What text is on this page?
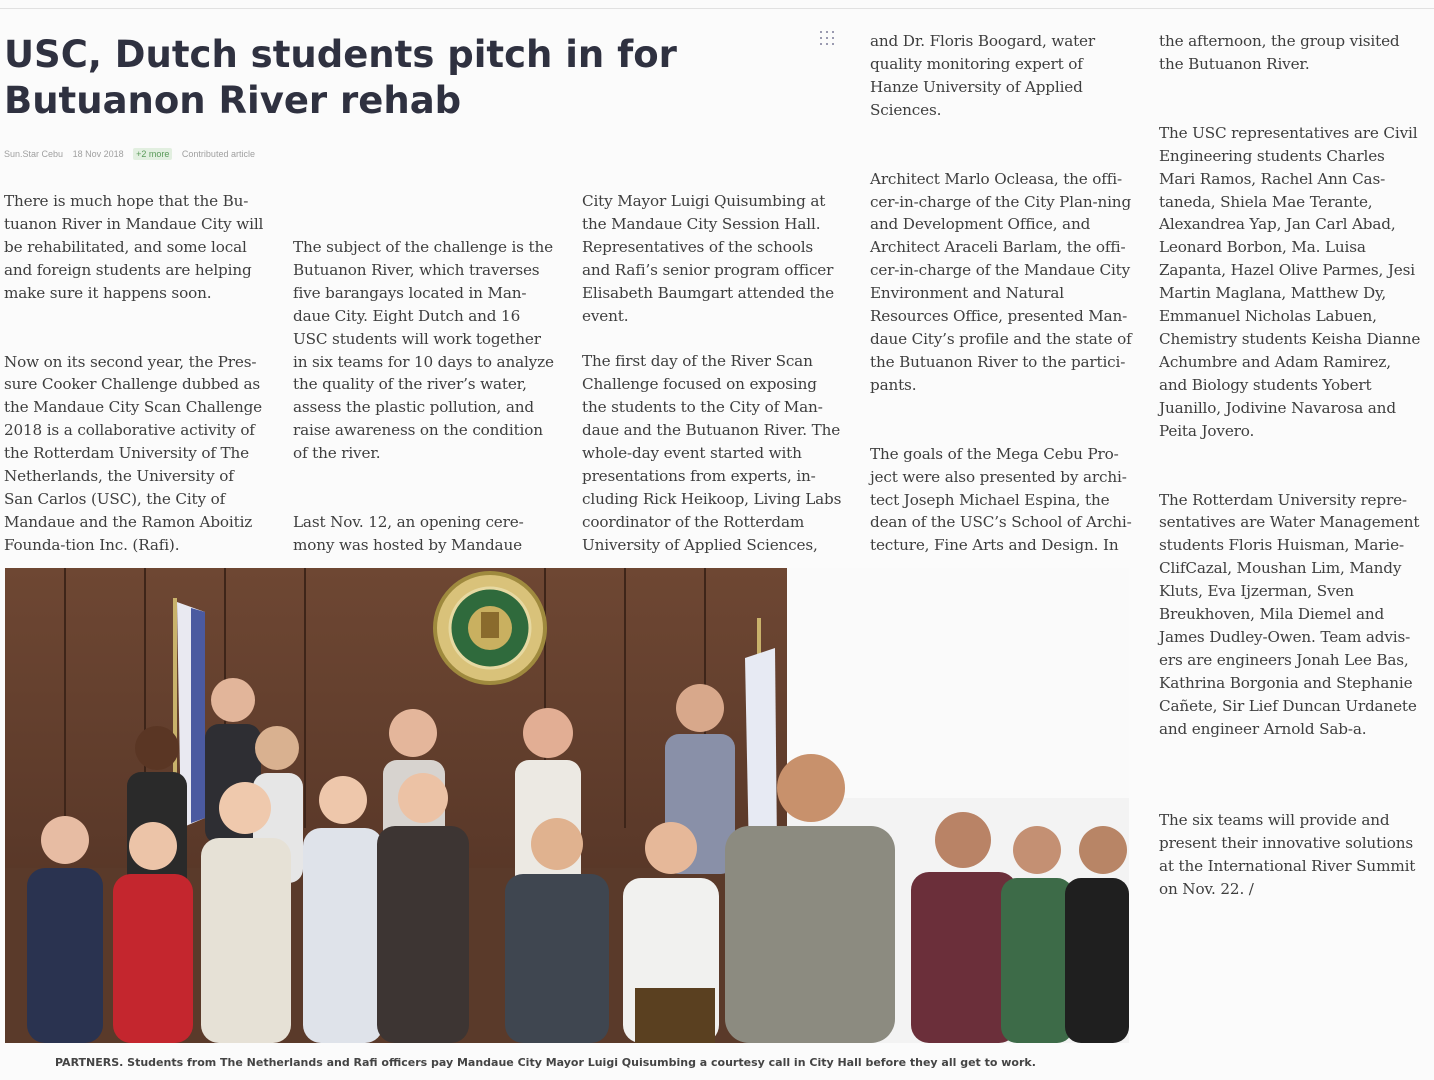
USC, Dutch students pitch in for Butuanon River rehab
Sun.Star Cebu 18 Nov 2018 +2 more Contributed article

There is much hope that the Bu-tuanon River in Mandaue City will be rehabilitated, and some local and foreign students are helping make sure it happens soon.

Now on its second year, the Pres-sure Cooker Challenge dubbed as the Mandaue City Scan Challenge 2018 is a collaborative activity of the Rotterdam University of The Netherlands, the University of San Carlos (USC), the City of Mandaue and the Ramon Aboitiz Founda-tion Inc. (Rafi).

The subject of the challenge is the Butuanon River, which traverses five barangays located in Man-daue City. Eight Dutch and 16 USC students will work together in six teams for 10 days to analyze the quality of the river’s water, assess the plastic pollution, and raise awareness on the condition of the river.

Last Nov. 12, an opening cere-mony was hosted by Mandaue

City Mayor Luigi Quisumbing at the Mandaue City Session Hall. Representatives of the schools and Rafi’s senior program officer Elisabeth Baumgart attended the event.

The first day of the River Scan Challenge focused on exposing the students to the City of Man-daue and the Butuanon River. The whole-day event started with presentations from experts, in-cluding Rick Heikoop, Living Labs coordinator of the Rotterdam University of Applied Sciences,

and Dr. Floris Boogard, water quality monitoring expert of Hanze University of Applied Sciences.

Architect Marlo Ocleasa, the offi-cer-in-charge of the City Plan-ning and Development Office, and Architect Araceli Barlam, the offi-cer-in-charge of the Mandaue City Environment and Natural Resources Office, presented Man-daue City’s profile and the state of the Butuanon River to the partici-pants.

The goals of the Mega Cebu Pro-ject were also presented by archi-tect Joseph Michael Espina, the dean of the USC’s School of Archi-tecture, Fine Arts and Design. In

the afternoon, the group visited the Butuanon River.

The USC representatives are Civil Engineering students Charles Mari Ramos, Rachel Ann Cas-taneda, Shiela Mae Terante, Alexandrea Yap, Jan Carl Abad, Leonard Borbon, Ma. Luisa Zapanta, Hazel Olive Parmes, Jesi Martin Maglana, Matthew Dy, Emmanuel Nicholas Labuen, Chemistry students Keisha Dianne Achumbre and Adam Ramirez, and Biology students Yobert Juanillo, Jodivine Navarosa and Peita Jovero.

The Rotterdam University repre-sentatives are Water Management students Floris Huisman, Marie-ClifCazal, Moushan Lim, Mandy Kluts, Eva Ijzerman, Sven Breukhoven, Mila Diemel and James Dudley-Owen. Team advis-ers are engineers Jonah Lee Bas, Kathrina Borgonia and Stephanie Cañete, Sir Lief Duncan Urdanete and engineer Arnold Sab-a.

The six teams will provide and present their innovative solutions at the International River Summit on Nov. 22. /

PARTNERS. Students from The Netherlands and Rafi officers pay Mandaue City Mayor Luigi Quisumbing a courtesy call in City Hall before they all get to work.
